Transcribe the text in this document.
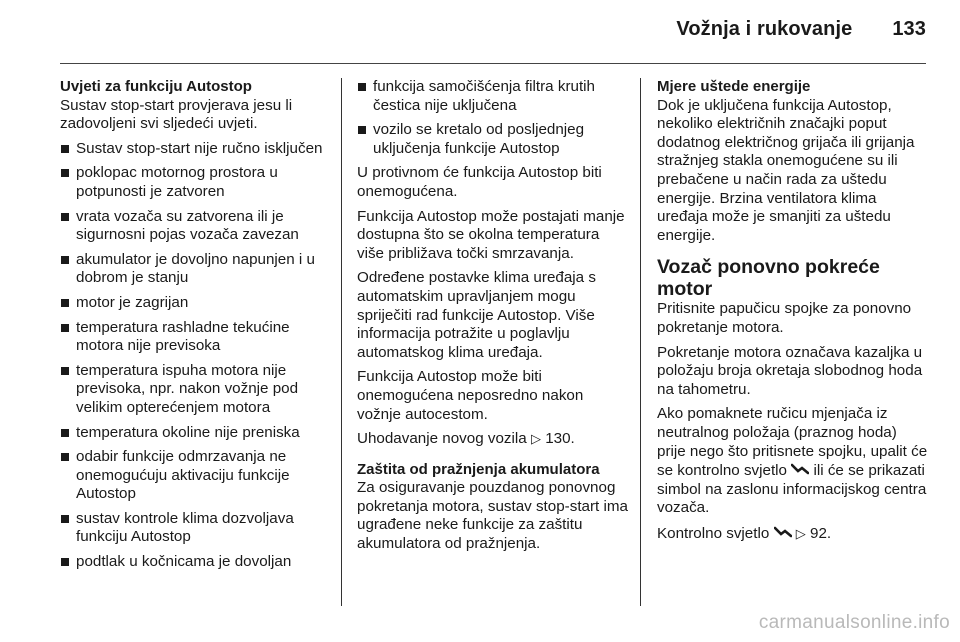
Vožnja i rukovanje 133
Uvjeti za funkciju Autostop

Sustav stop-start provjerava jesu li zadovoljeni svi sljedeći uvjeti.

Sustav stop-start nije ručno isključen
poklopac motornog prostora u potpunosti je zatvoren
vrata vozača su zatvorena ili je sigurnosni pojas vozača zavezan
akumulator je dovoljno napunjen i u dobrom je stanju
motor je zagrijan
temperatura rashladne tekućine motora nije previsoka
temperatura ispuha motora nije previsoka, npr. nakon vožnje pod velikim opterećenjem motora
temperatura okoline nije preniska
odabir funkcije odmrzavanja ne onemogućuju aktivaciju funkcije Autostop
sustav kontrole klima dozvoljava funkciju Autostop
podtlak u kočnicama je dovoljan
funkcija samočišćenja filtra krutih čestica nije uključena
vozilo se kretalo od posljednjeg uključenja funkcije Autostop

U protivnom će funkcija Autostop biti onemogućena.

Funkcija Autostop može postajati manje dostupna što se okolna temperatura više približava točki smrzavanja.

Određene postavke klima uređaja s automatskim upravljanjem mogu spriječiti rad funkcije Autostop. Više informacija potražite u poglavlju automatskog klima uređaja.

Funkcija Autostop može biti onemogućena neposredno nakon vožnje autocestom.

Uhodavanje novog vozila ▷ 130.

Zaštita od pražnjenja akumulatora

Za osiguravanje pouzdanog ponovnog pokretanja motora, sustav stop-start ima ugrađene neke funkcije za zaštitu akumulatora od pražnjenja.

Mjere uštede energije

Dok je uključena funkcija Autostop, nekoliko električnih značajki poput dodatnog električnog grijača ili grijanja stražnjeg stakla onemogućene su ili prebačene u način rada za uštedu energije. Brzina ventilatora klima uređaja može je smanjiti za uštedu energije.

Vozač ponovno pokreće motor

Pritisnite papučicu spojke za ponovno pokretanje motora.

Pokretanje motora označava kazaljka u položaju broja okretaja slobodnog hoda na tahometru.

Ako pomaknete ručicu mjenjača iz neutralnog položaja (praznog hoda) prije nego što pritisnete spojku, upalit će se kontrolno svjetlo ili će se prikazati simbol na zaslonu informacijskog centra vozača.

Kontrolno svjetlo ▷ 92.

carmanualsonline.info
